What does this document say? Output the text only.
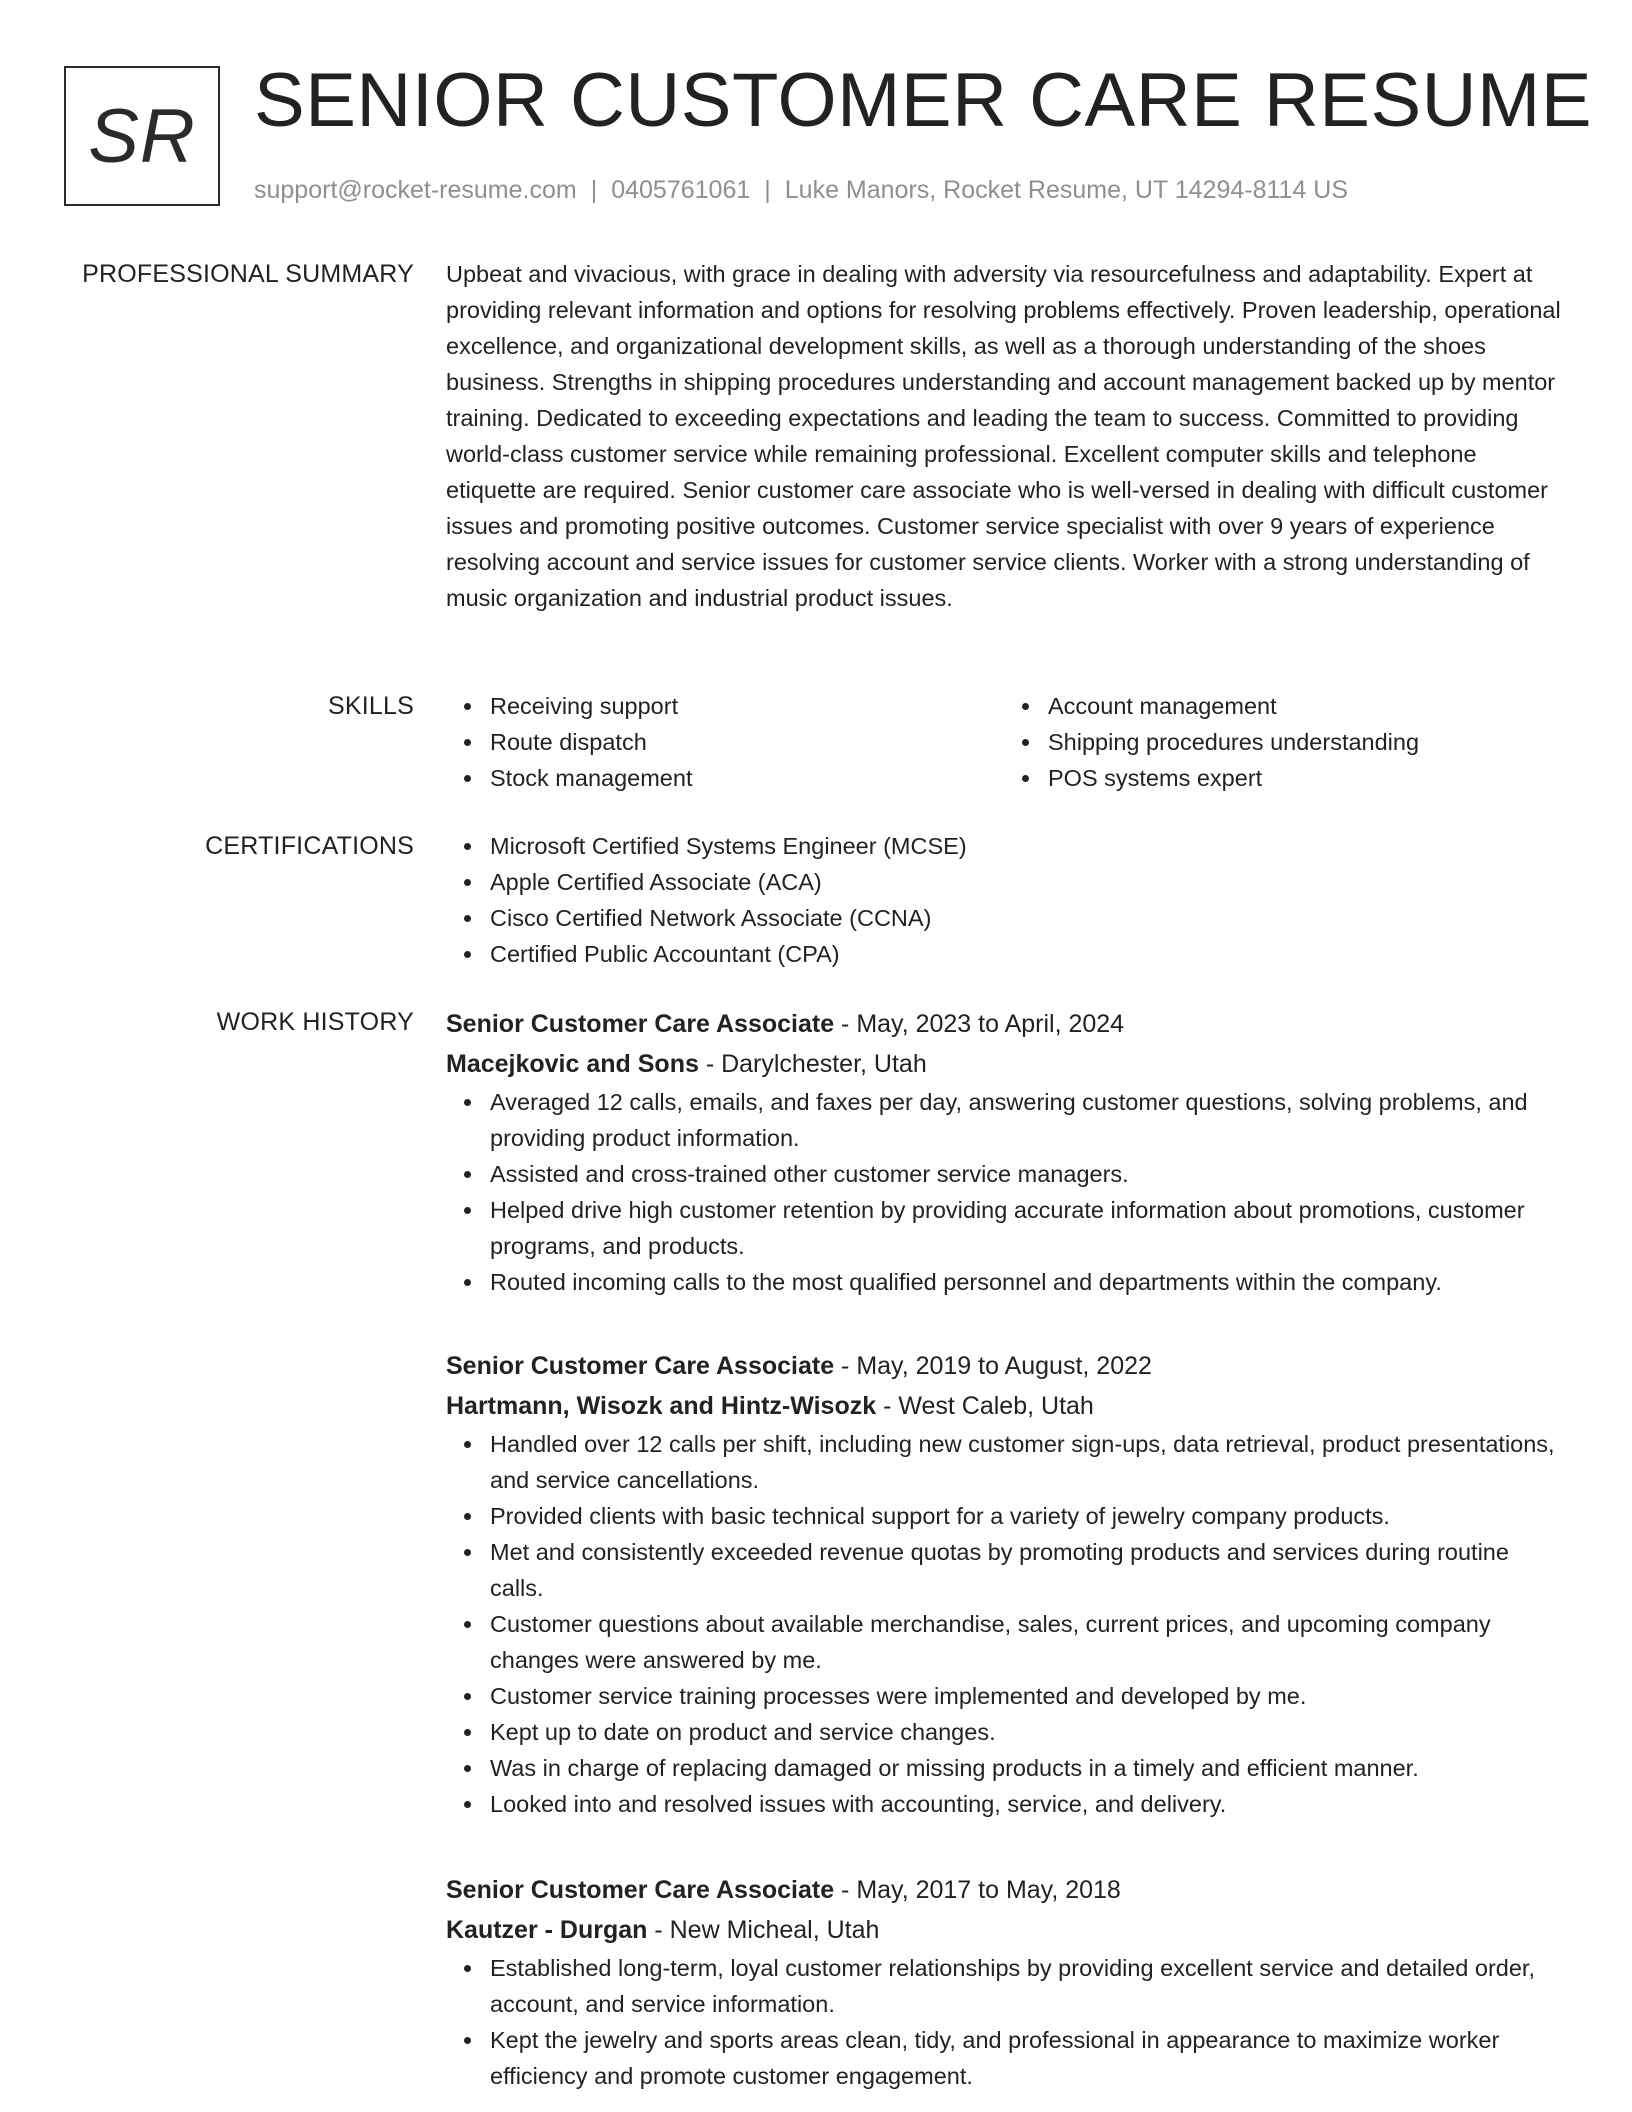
SR SENIOR CUSTOMER CARE RESUME
support@rocket-resume.com | 0405761061 | Luke Manors, Rocket Resume, UT 14294-8114 US
PROFESSIONAL SUMMARY Upbeat and vivacious, with grace in dealing with adversity via resourcefulness and adaptability. Expert at providing relevant information and options for resolving problems effectively. Proven leadership, operational excellence, and organizational development skills, as well as a thorough understanding of the shoes business. Strengths in shipping procedures understanding and account management backed up by mentor training. Dedicated to exceeding expectations and leading the team to success. Committed to providing world-class customer service while remaining professional. Excellent computer skills and telephone etiquette are required. Senior customer care associate who is well-versed in dealing with difficult customer issues and promoting positive outcomes. Customer service specialist with over 9 years of experience resolving account and service issues for customer service clients. Worker with a strong understanding of music organization and industrial product issues.

SKILLS	Receiving support
Route dispatch
Stock management
Account management
Shipping procedures understanding
POS systems expert
CERTIFICATIONS	Microsoft Certified Systems Engineer (MCSE)
Apple Certified Associate (ACA)
Cisco Certified Network Associate (CCNA)
Certified Public Accountant (CPA)
WORK HISTORY Senior Customer Care Associate - May, 2023 to April, 2024
Macejkovic and Sons - Darylchester, Utah
Averaged 12 calls, emails, and faxes per day, answering customer questions, solving problems, and providing product information.
Assisted and cross-trained other customer service managers.
Helped drive high customer retention by providing accurate information about promotions, customer programs, and products.
Routed incoming calls to the most qualified personnel and departments within the company.
Senior Customer Care Associate - May, 2019 to August, 2022
Hartmann, Wisozk and Hintz-Wisozk - West Caleb, Utah
Handled over 12 calls per shift, including new customer sign-ups, data retrieval, product presentations, and service cancellations.
Provided clients with basic technical support for a variety of jewelry company products.
Met and consistently exceeded revenue quotas by promoting products and services during routine calls.
Customer questions about available merchandise, sales, current prices, and upcoming company changes were answered by me.
Customer service training processes were implemented and developed by me.
Kept up to date on product and service changes.
Was in charge of replacing damaged or missing products in a timely and efficient manner.
Looked into and resolved issues with accounting, service, and delivery.
Senior Customer Care Associate - May, 2017 to May, 2018
Kautzer - Durgan - New Micheal, Utah
Established long-term, loyal customer relationships by providing excellent service and detailed order, account, and service information.
Kept the jewelry and sports areas clean, tidy, and professional in appearance to maximize worker efficiency and promote customer engagement.
